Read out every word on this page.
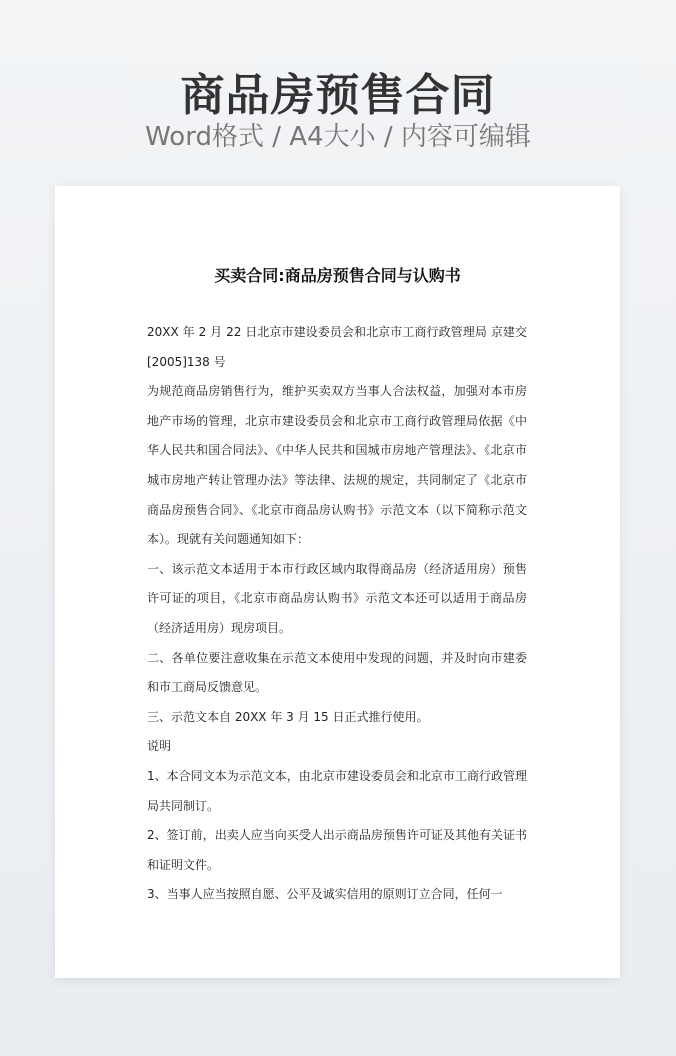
商品房预售合同
Word格式 / A4大小 / 内容可编辑
买卖合同:商品房预售合同与认购书

20XX 年 2 月 22 日北京市建设委员会和北京市工商行政管理局 京建交[2005]138 号

为规范商品房销售行为，维护买卖双方当事人合法权益，加强对本市房地产市场的管理，北京市建设委员会和北京市工商行政管理局依据《中华人民共和国合同法》、《中华人民共和国城市房地产管理法》、《北京市城市房地产转让管理办法》等法律、法规的规定，共同制定了《北京市商品房预售合同》、《北京市商品房认购书》示范文本（以下简称示范文本）。现就有关问题通知如下：

一、该示范文本适用于本市行政区域内取得商品房（经济适用房）预售许可证的项目，《北京市商品房认购书》示范文本还可以适用于商品房（经济适用房）现房项目。

二、各单位要注意收集在示范文本使用中发现的问题，并及时向市建委和市工商局反馈意见。

三、示范文本自 20XX 年 3 月 15 日正式推行使用。

说明

1、本合同文本为示范文本，由北京市建设委员会和北京市工商行政管理局共同制订。

2、签订前，出卖人应当向买受人出示商品房预售许可证及其他有关证书和证明文件。

3、当事人应当按照自愿、公平及诚实信用的原则订立合同，任何一
